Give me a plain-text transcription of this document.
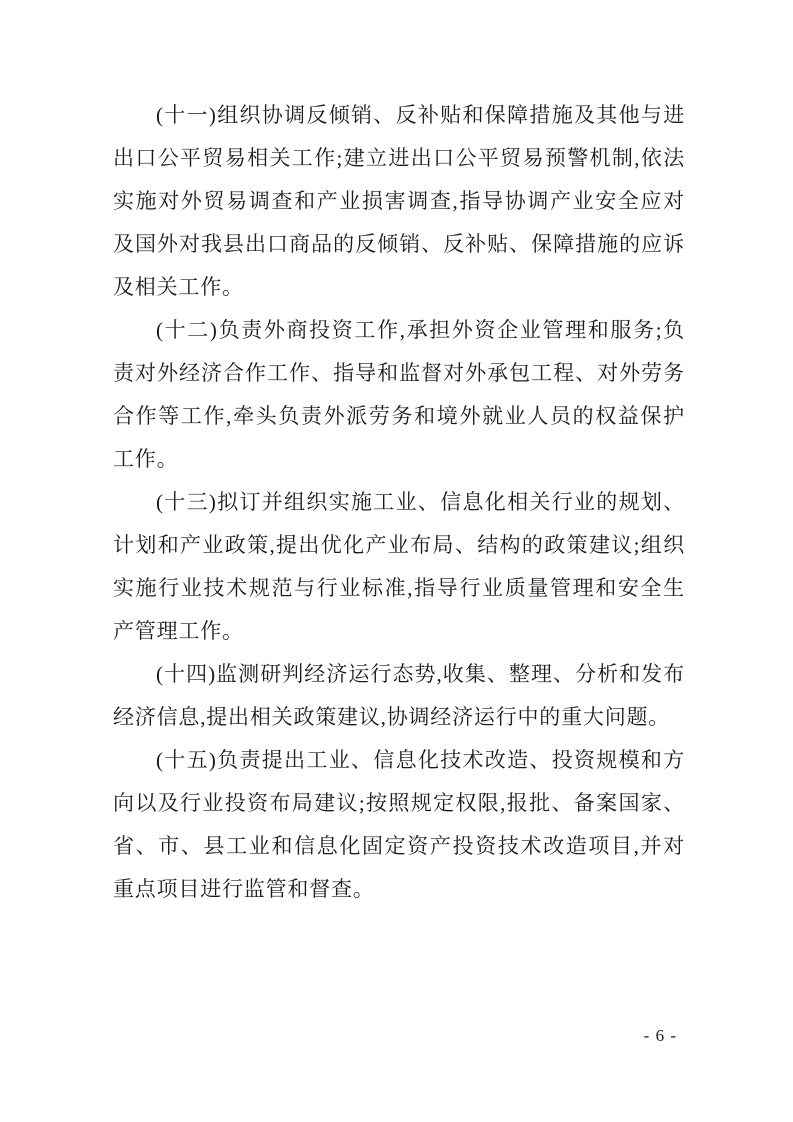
(十一)组织协调反倾销、反补贴和保障措施及其他与进出口公平贸易相关工作;建立进出口公平贸易预警机制,依法实施对外贸易调查和产业损害调查,指导协调产业安全应对及国外对我县出口商品的反倾销、反补贴、保障措施的应诉及相关工作。

(十二)负责外商投资工作,承担外资企业管理和服务;负责对外经济合作工作、指导和监督对外承包工程、对外劳务合作等工作,牵头负责外派劳务和境外就业人员的权益保护工作。

(十三)拟订并组织实施工业、信息化相关行业的规划、计划和产业政策,提出优化产业布局、结构的政策建议;组织实施行业技术规范与行业标准,指导行业质量管理和安全生产管理工作。

(十四)监测研判经济运行态势,收集、整理、分析和发布经济信息,提出相关政策建议,协调经济运行中的重大问题。

(十五)负责提出工业、信息化技术改造、投资规模和方向以及行业投资布局建议;按照规定权限,报批、备案国家、省、市、县工业和信息化固定资产投资技术改造项目,并对重点项目进行监管和督查。

- 6 -
